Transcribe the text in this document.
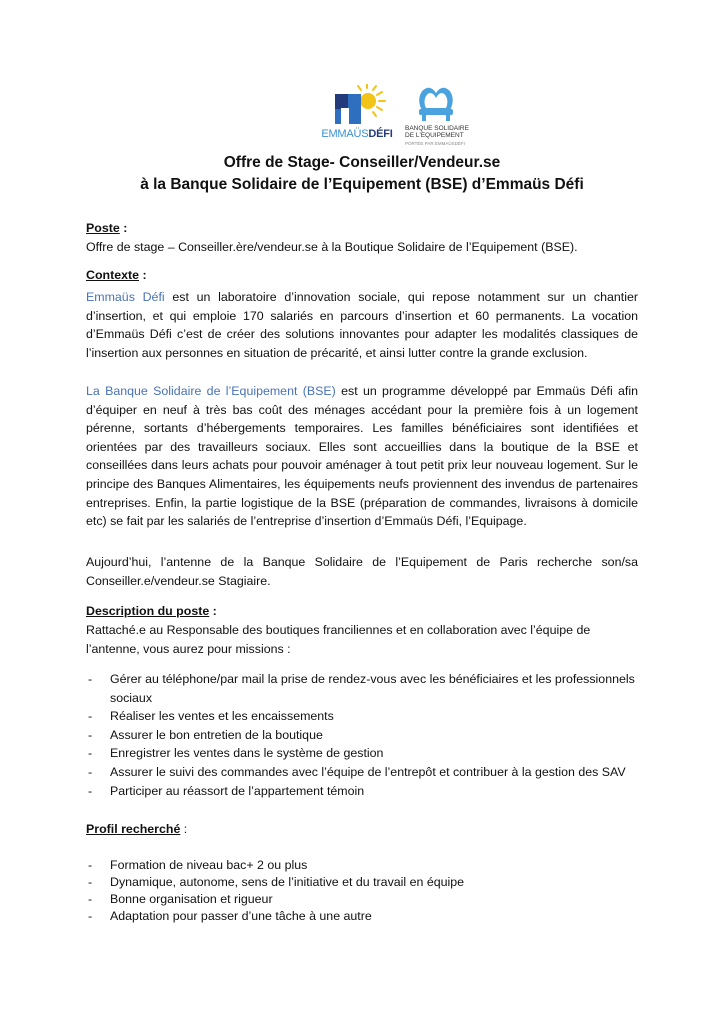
EMMAÜSDÉFI BANQUE SOLIDAIRE
DE L'EQUIPEMENT
PORTÉE PAR EMMAÜSDÉFI
Offre de Stage- Conseiller/Vendeur.se
à la Banque Solidaire de l’Equipement (BSE) d’Emmaüs Défi
Poste :
Offre de stage – Conseiller.ère/vendeur.se à la Boutique Solidaire de l’Equipement (BSE).
Contexte :
Emmaüs Défi est un laboratoire d’innovation sociale, qui repose notamment sur un chantier d’insertion, et qui emploie 170 salariés en parcours d’insertion et 60 permanents. La vocation d’Emmaüs Défi c’est de créer des solutions innovantes pour adapter les modalités classiques de l’insertion aux personnes en situation de précarité, et ainsi lutter contre la grande exclusion.
La Banque Solidaire de l’Equipement (BSE) est un programme développé par Emmaüs Défi afin d’équiper en neuf à très bas coût des ménages accédant pour la première fois à un logement pérenne, sortants d’hébergements temporaires. Les familles bénéficiaires sont identifiées et orientées par des travailleurs sociaux. Elles sont accueillies dans la boutique de la BSE et conseillées dans leurs achats pour pouvoir aménager à tout petit prix leur nouveau logement. Sur le principe des Banques Alimentaires, les équipements neufs proviennent des invendus de partenaires entreprises. Enfin, la partie logistique de la BSE (préparation de commandes, livraisons à domicile etc) se fait par les salariés de l’entreprise d’insertion d’Emmaüs Défi, l’Equipage.
Aujourd’hui, l’antenne de la Banque Solidaire de l’Equipement de Paris recherche son/sa Conseiller.e/vendeur.se Stagiaire.
Description du poste :
Rattaché.e au Responsable des boutiques franciliennes et en collaboration avec l’équipe de l’antenne, vous aurez pour missions :
- Gérer au téléphone/par mail la prise de rendez-vous avec les bénéficiaires et les professionnels sociaux
- Réaliser les ventes et les encaissements
- Assurer le bon entretien de la boutique
- Enregistrer les ventes dans le système de gestion
- Assurer le suivi des commandes avec l’équipe de l’entrepôt et contribuer à la gestion des SAV
- Participer au réassort de l’appartement témoin
Profil recherché :
- Formation de niveau bac+ 2 ou plus
- Dynamique, autonome, sens de l’initiative et du travail en équipe
- Bonne organisation et rigueur
- Adaptation pour passer d’une tâche à une autre
